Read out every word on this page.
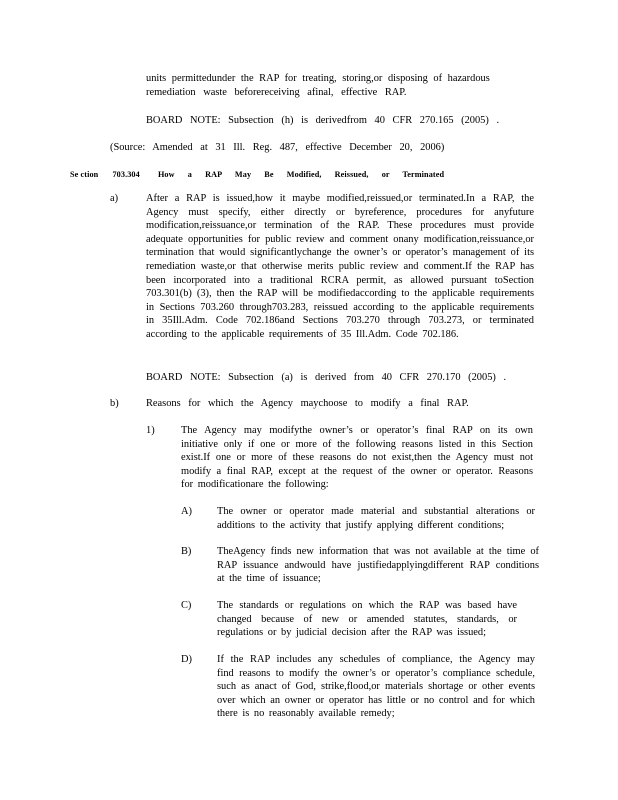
units permittedunder the RAP for treating, storing,or disposing of hazardous
remediation waste beforereceiving afinal, effective RAP.
BOARD NOTE: Subsection (h) is derivedfrom 40 CFR 270.165 (2005) .
(Source: Amended at 31 Ill. Reg. 487, effective December 20, 2006)
Se ction 703.304 How a RAP May Be Modified, Reissued, or Terminated
a)	After a RAP is issued,how it maybe modified,reissued,or terminated.In a RAP, the Agency must specify, either directly or byreference, procedures for anyfuture modification,reissuance,or termination of the RAP. These procedures must provide adequate opportunities for public review and comment onany modification,reissuance,or termination that would significantlychange the owner’s or operator’s management of its remediation waste,or that otherwise merits public review and comment.If the RAP has been incorporated into a traditional RCRA permit, as allowed pursuant toSection 703.301(b) (3), then the RAP will be modifiedaccording to the applicable requirements in Sections 703.260 through703.283, reissued according to the applicable requirements in 35Ill.Adm. Code 702.186and Sections 703.270 through 703.273, or terminated according to the applicable requirements of 35 Ill.Adm. Code 702.186.
BOARD NOTE: Subsection (a) is derived from 40 CFR 270.170 (2005) .
b)	Reasons for which the Agency maychoose to modify a final RAP.
1)	The Agency may modifythe owner’s or operator’s final RAP on its own initiative only if one or more of the following reasons listed in this Section exist.If one or more of these reasons do not exist,then the Agency must not modify a final RAP, except at the request of the owner or operator. Reasons for modificationare the following:
A) The owner or operator made material and substantial alterations or additions to the activity that justify applying different conditions;
B) TheAgency finds new information that was not available at the time of RAP issuance andwould have justifiedapplyingdifferent RAP conditions at the time of issuance;
C) The standards or regulations on which the RAP was based have changed because of new or amended statutes, standards, or regulations or by judicial decision after the RAP was issued;
D) If the RAP includes any schedules of compliance, the Agency may find reasons to modify the owner’s or operator’s compliance schedule, such as anact of God, strike,flood,or materials shortage or other events over which an owner or operator has little or no control and for which there is no reasonably available remedy;
